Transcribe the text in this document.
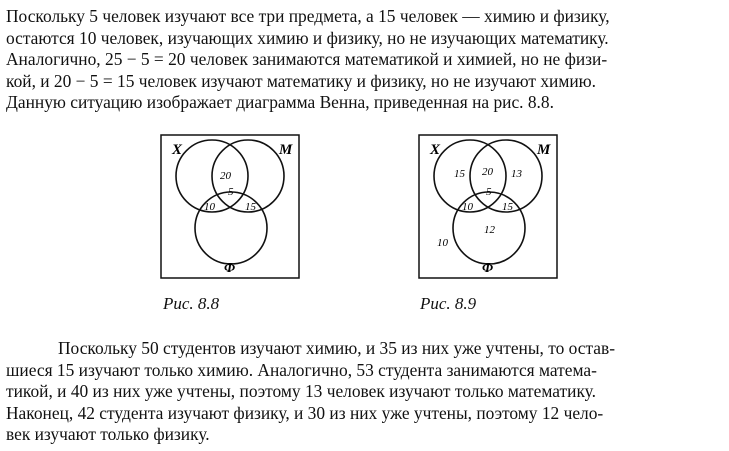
Поскольку 5 человек изучают все три предмета, а 15 человек — химию и физику,
остаются 10 человек, изучающих химию и физику, но не изучающих математику.
Аналогично, 25 − 5 = 20 человек занимаются математикой и химией, но не физи-
кой, и 20 − 5 = 15 человек изучают математику и физику, но не изучают химию.
Данную ситуацию изображает диаграмма Венна, приведенная на рис. 8.8.
X	M
Φ
20
5
10	15
Рис. 8.8
X	M
Φ
15 20 13
5
10	15
12
10
Рис. 8.9
Поскольку 50 студентов изучают химию, и 35 из них уже учтены, то остав-
шиеся 15 изучают только химию. Аналогично, 53 студента занимаются матема-
тикой, и 40 из них уже учтены, поэтому 13 человек изучают только математику.
Наконец, 42 студента изучают физику, и 30 из них уже учтены, поэтому 12 чело-
век изучают только физику.
